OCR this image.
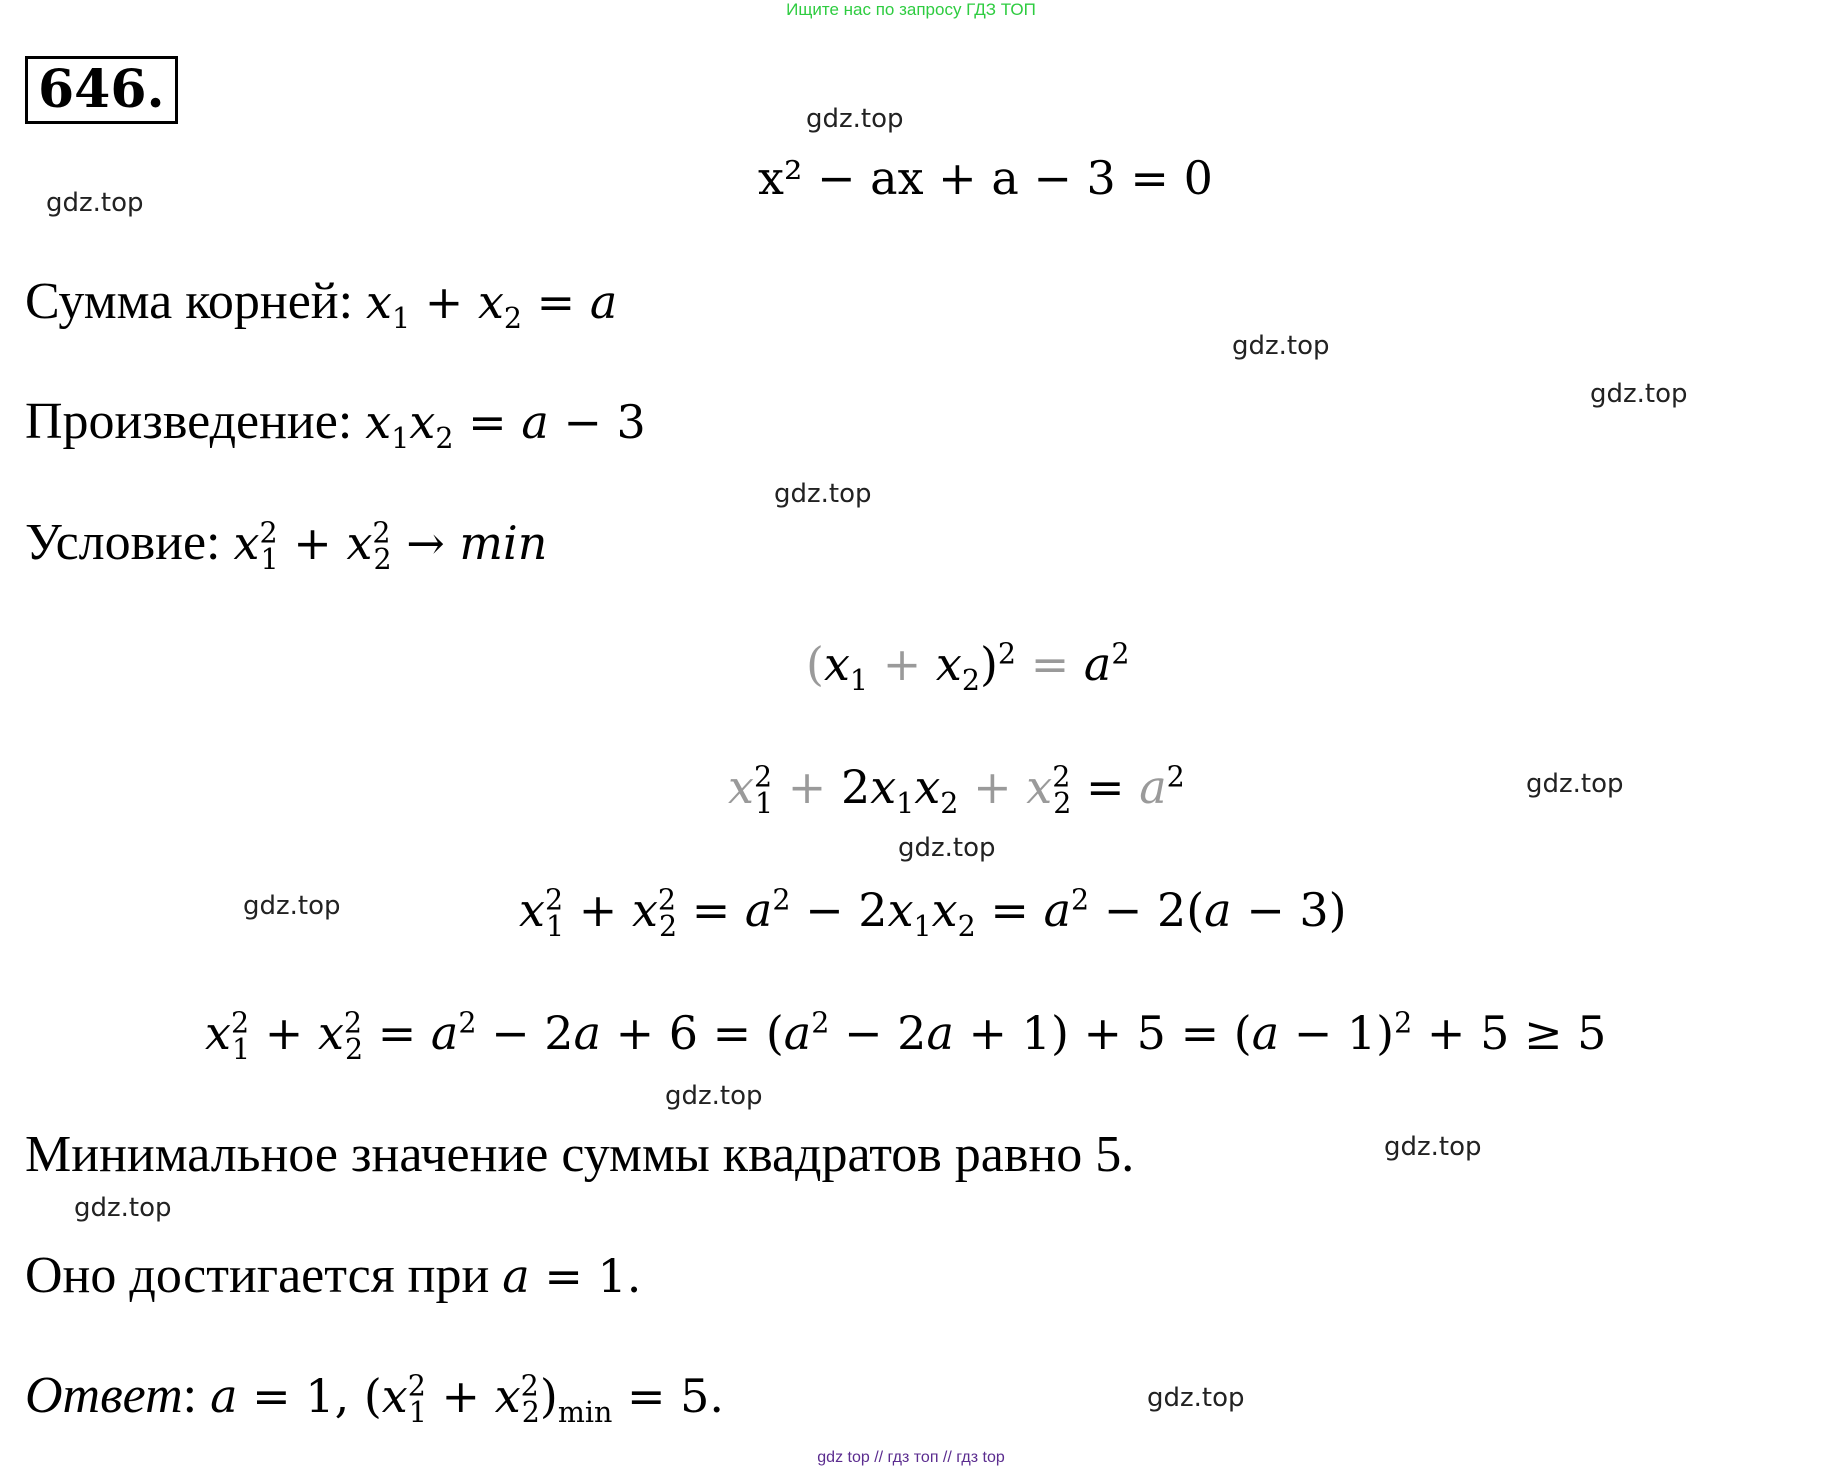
Ищите нас по запросу ГДЗ ТОП
646.	gdz.top
gdz.top
gdz.top
gdz.top
gdz.top
gdz.top
gdz.top
gdz.top
gdz.top
gdz.top
gdz.top
gdz.top
x² − ax + a − 3 = 0
Сумма корней: $x_1 + x_2 = a$
Произведение: $x_1x_2 = a - 3$
Условие: $x^2_1 + x^2_2 \to \min$
$(x_1 + x_2)^2 = a^2$
$x^2_1 + 2x_1x_2 + x^2_2 = a^2$
$x^2_1 + x^2_2 = a^2 - 2x_1x_2 = a^2 - 2(a - 3)$
$x^2_1 + x^2_2 = a^2 - 2a + 6 = (a^2 - 2a + 1) + 5 = (a - 1)^2 + 5 \ge 5$
Минимальное значение суммы квадратов равно 5.
Оно достигается при a = 1.
Ответ: a = 1, $(x^2_1 + x^2_2)_{min} = 5$.
gdz top // гдз топ // гдз top
